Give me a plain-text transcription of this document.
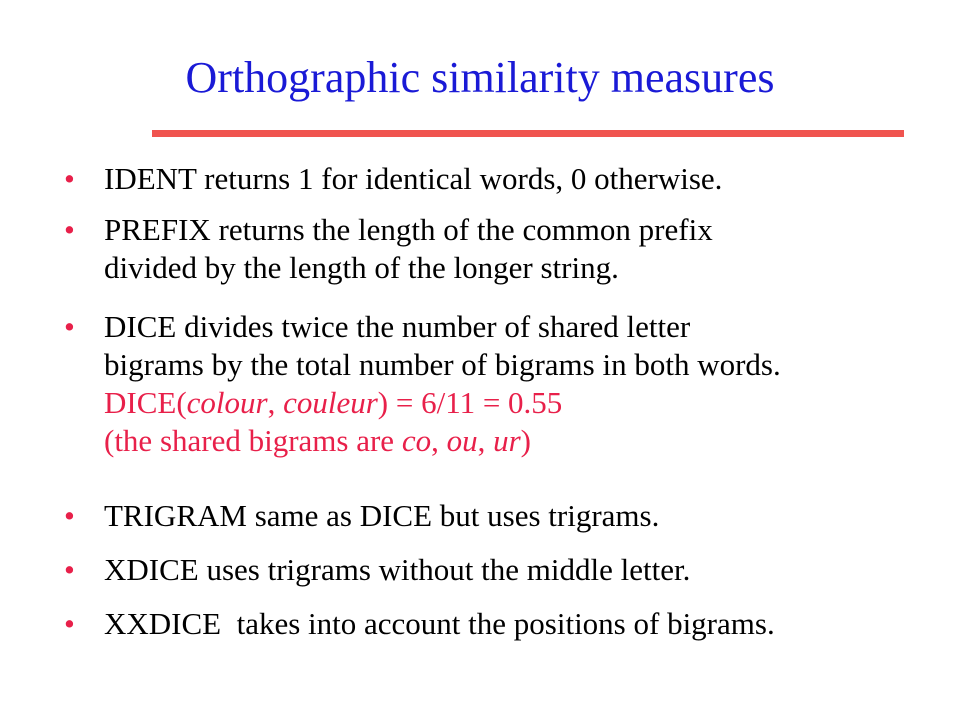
Orthographic similarity measures
• IDENT returns 1 for identical words, 0 otherwise.
• PREFIX returns the length of the common prefix
divided by the length of the longer string.
• DICE divides twice the number of shared letter
bigrams by the total number of bigrams in both words.
DICE(colour, couleur) = 6/11 = 0.55
(the shared bigrams are co, ou, ur)
• TRIGRAM same as DICE but uses trigrams.
• XDICE uses trigrams without the middle letter.
• XXDICE  takes into account the positions of bigrams.
